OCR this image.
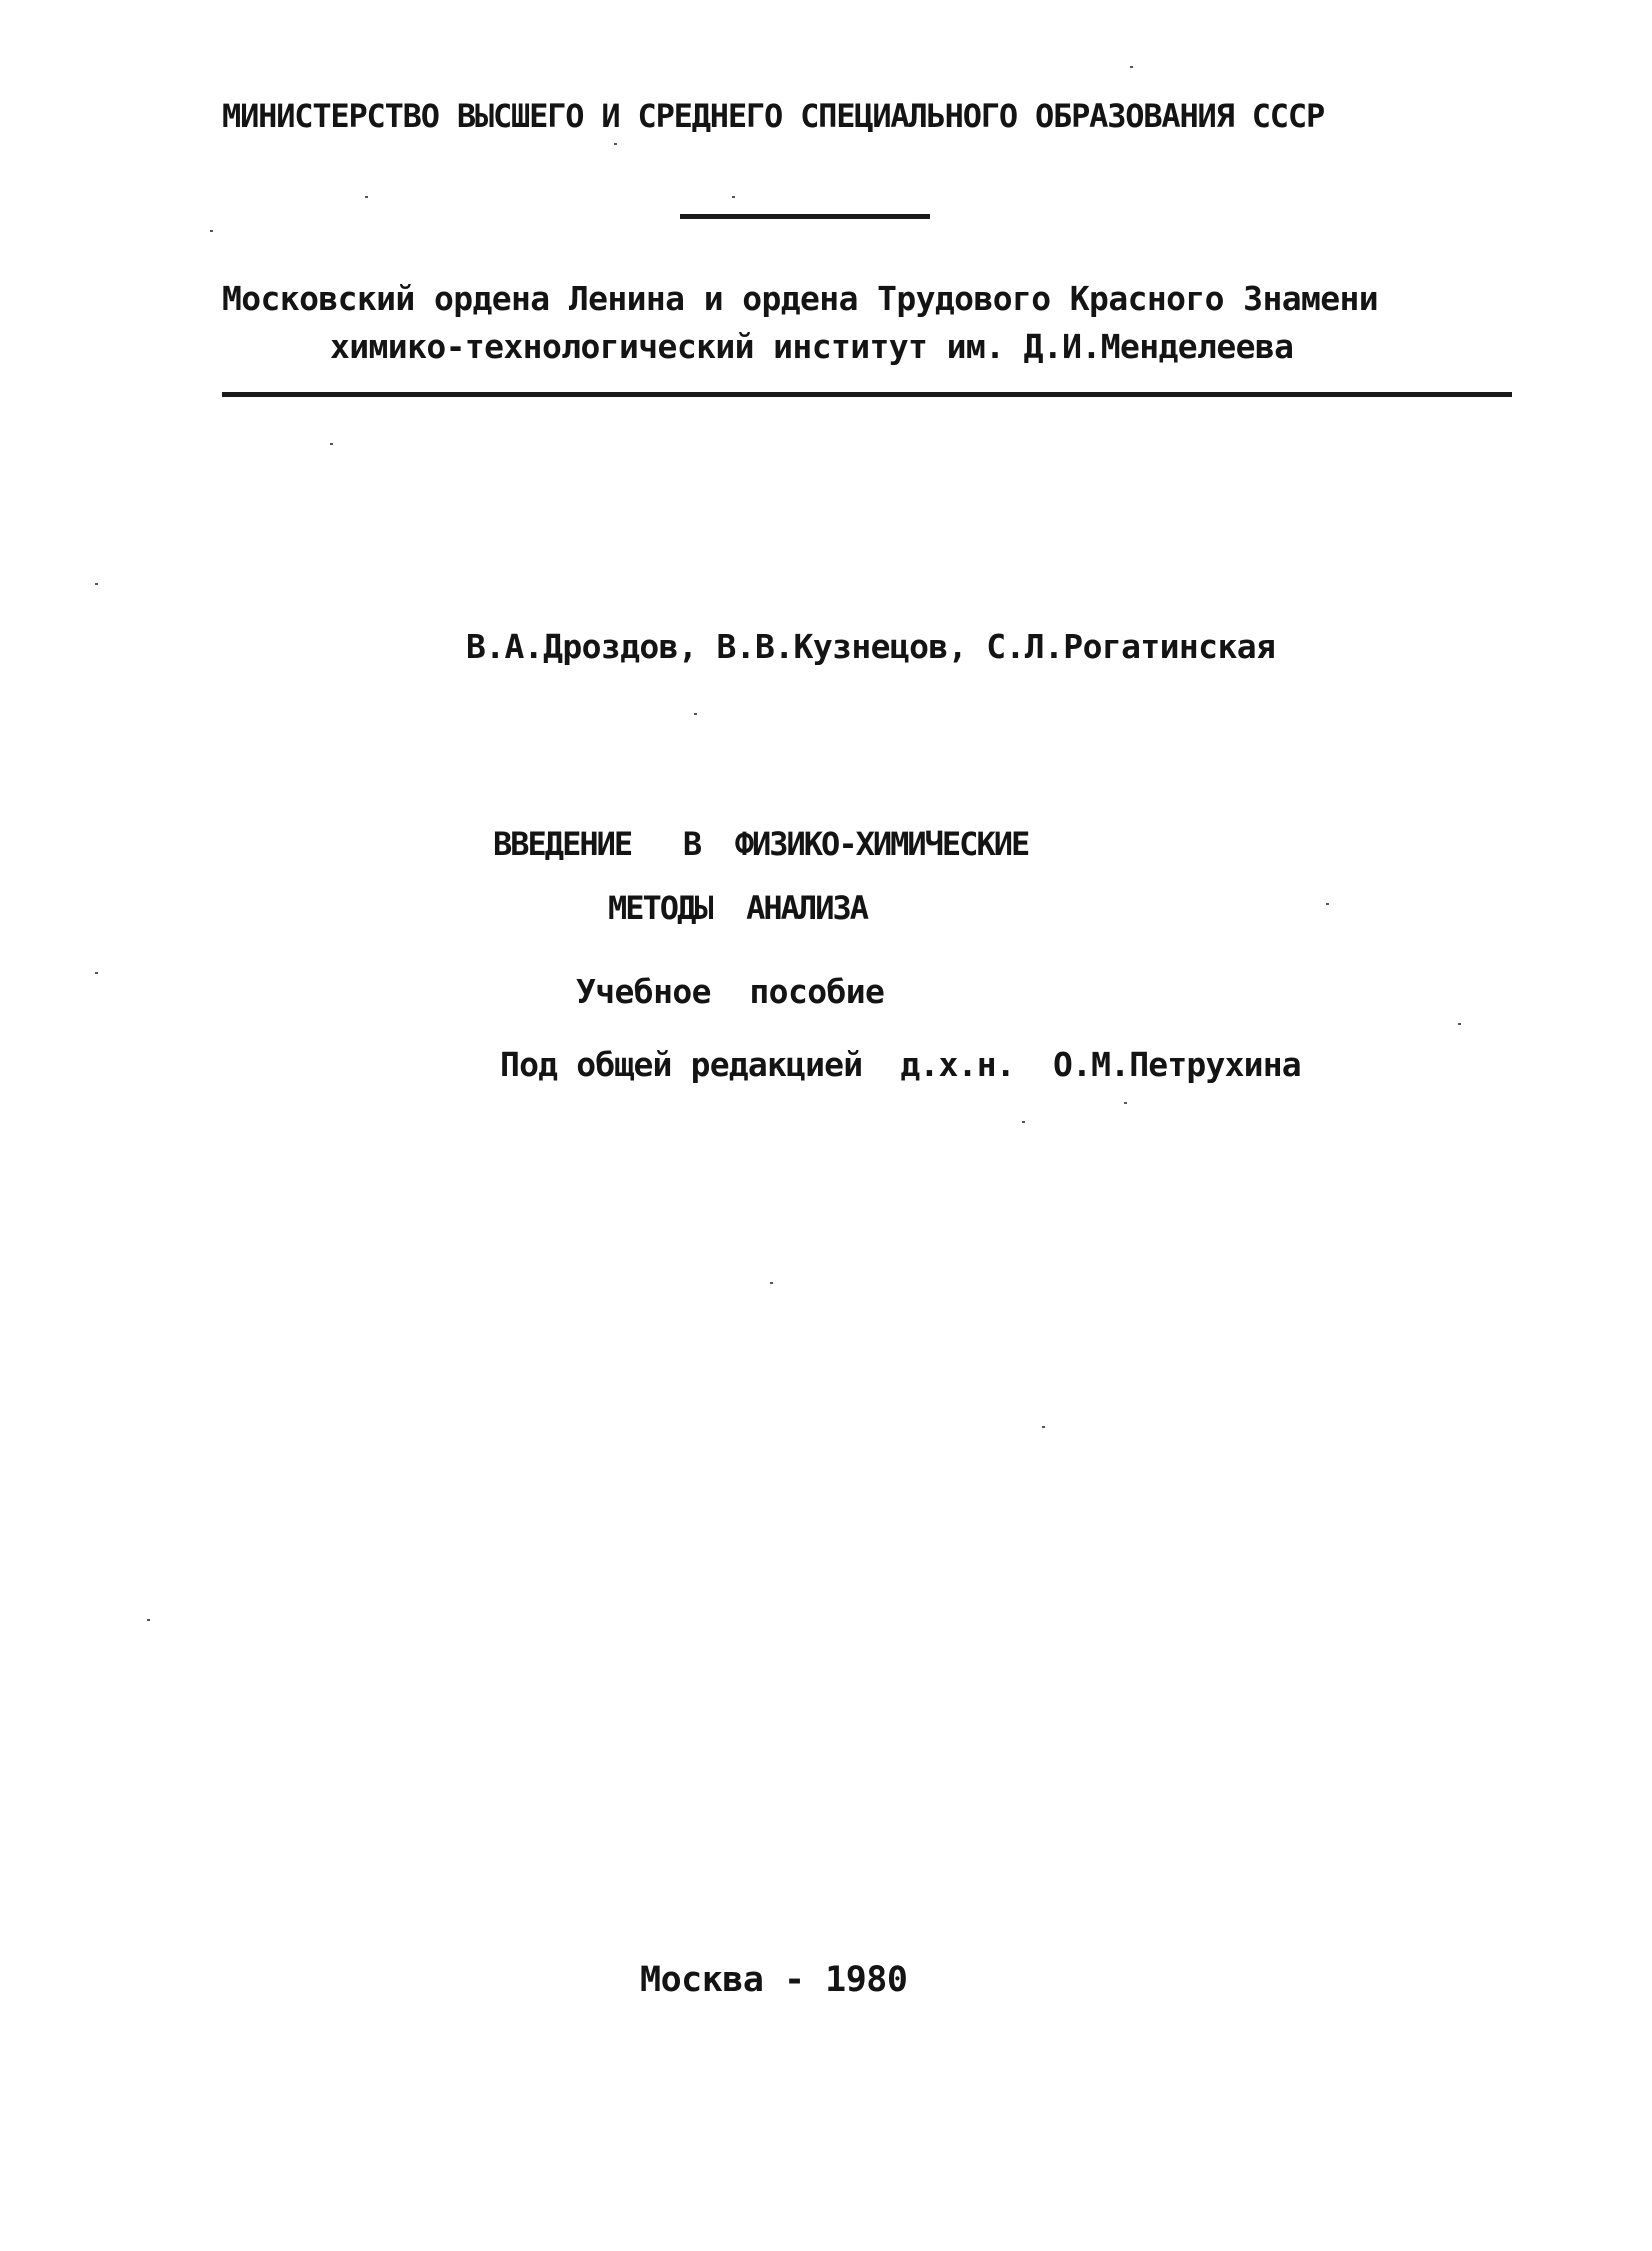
МИНИСТЕРСТВО ВЫСШЕГО И СРЕДНЕГО СПЕЦИАЛЬНОГО ОБРАЗОВАНИЯ СССР
Московский ордена Ленина и ордена Трудового Красного Знамени
химико-технологический институт им. Д.И.Менделеева
В.А.Дроздов, В.В.Кузнецов, С.Л.Рогатинская
ВВЕДЕНИЕ   В  ФИЗИКО-ХИМИЧЕСКИЕ
МЕТОДЫ  АНАЛИЗА
Учебное  пособие
Под общей редакцией  д.х.н.  О.М.Петрухина
Москва - 1980
